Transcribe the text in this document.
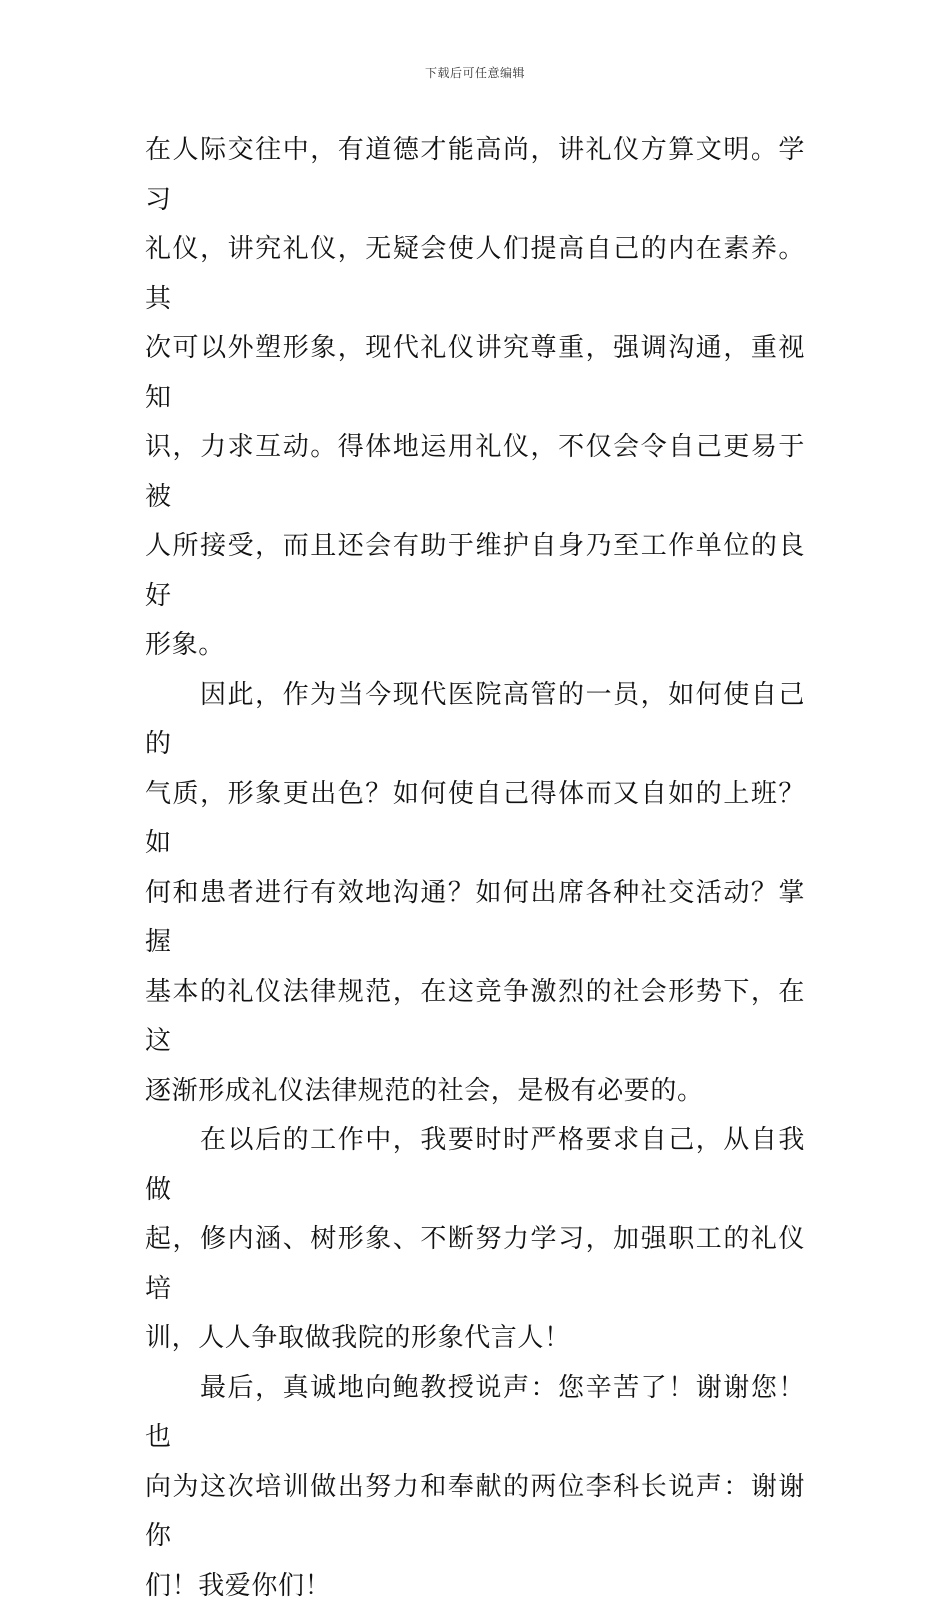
下载后可任意编辑

在人际交往中，有道德才能高尚，讲礼仪方算文明。学习
礼仪，讲究礼仪，无疑会使人们提高自己的内在素养。其
次可以外塑形象，现代礼仪讲究尊重，强调沟通，重视知
识，力求互动。得体地运用礼仪，不仅会令自己更易于被
人所接受，而且还会有助于维护自身乃至工作单位的良好
形象。

因此，作为当今现代医院高管的一员，如何使自己的
气质，形象更出色？如何使自己得体而又自如的上班？如
何和患者进行有效地沟通？如何出席各种社交活动？掌握
基本的礼仪法律规范，在这竞争激烈的社会形势下，在这
逐渐形成礼仪法律规范的社会，是极有必要的。

在以后的工作中，我要时时严格要求自己，从自我做
起，修内涵、树形象、不断努力学习，加强职工的礼仪培
训，人人争取做我院的形象代言人！

最后，真诚地向鲍教授说声：您辛苦了！谢谢您！也
向为这次培训做出努力和奉献的两位李科长说声：谢谢你
们！我爱你们！
